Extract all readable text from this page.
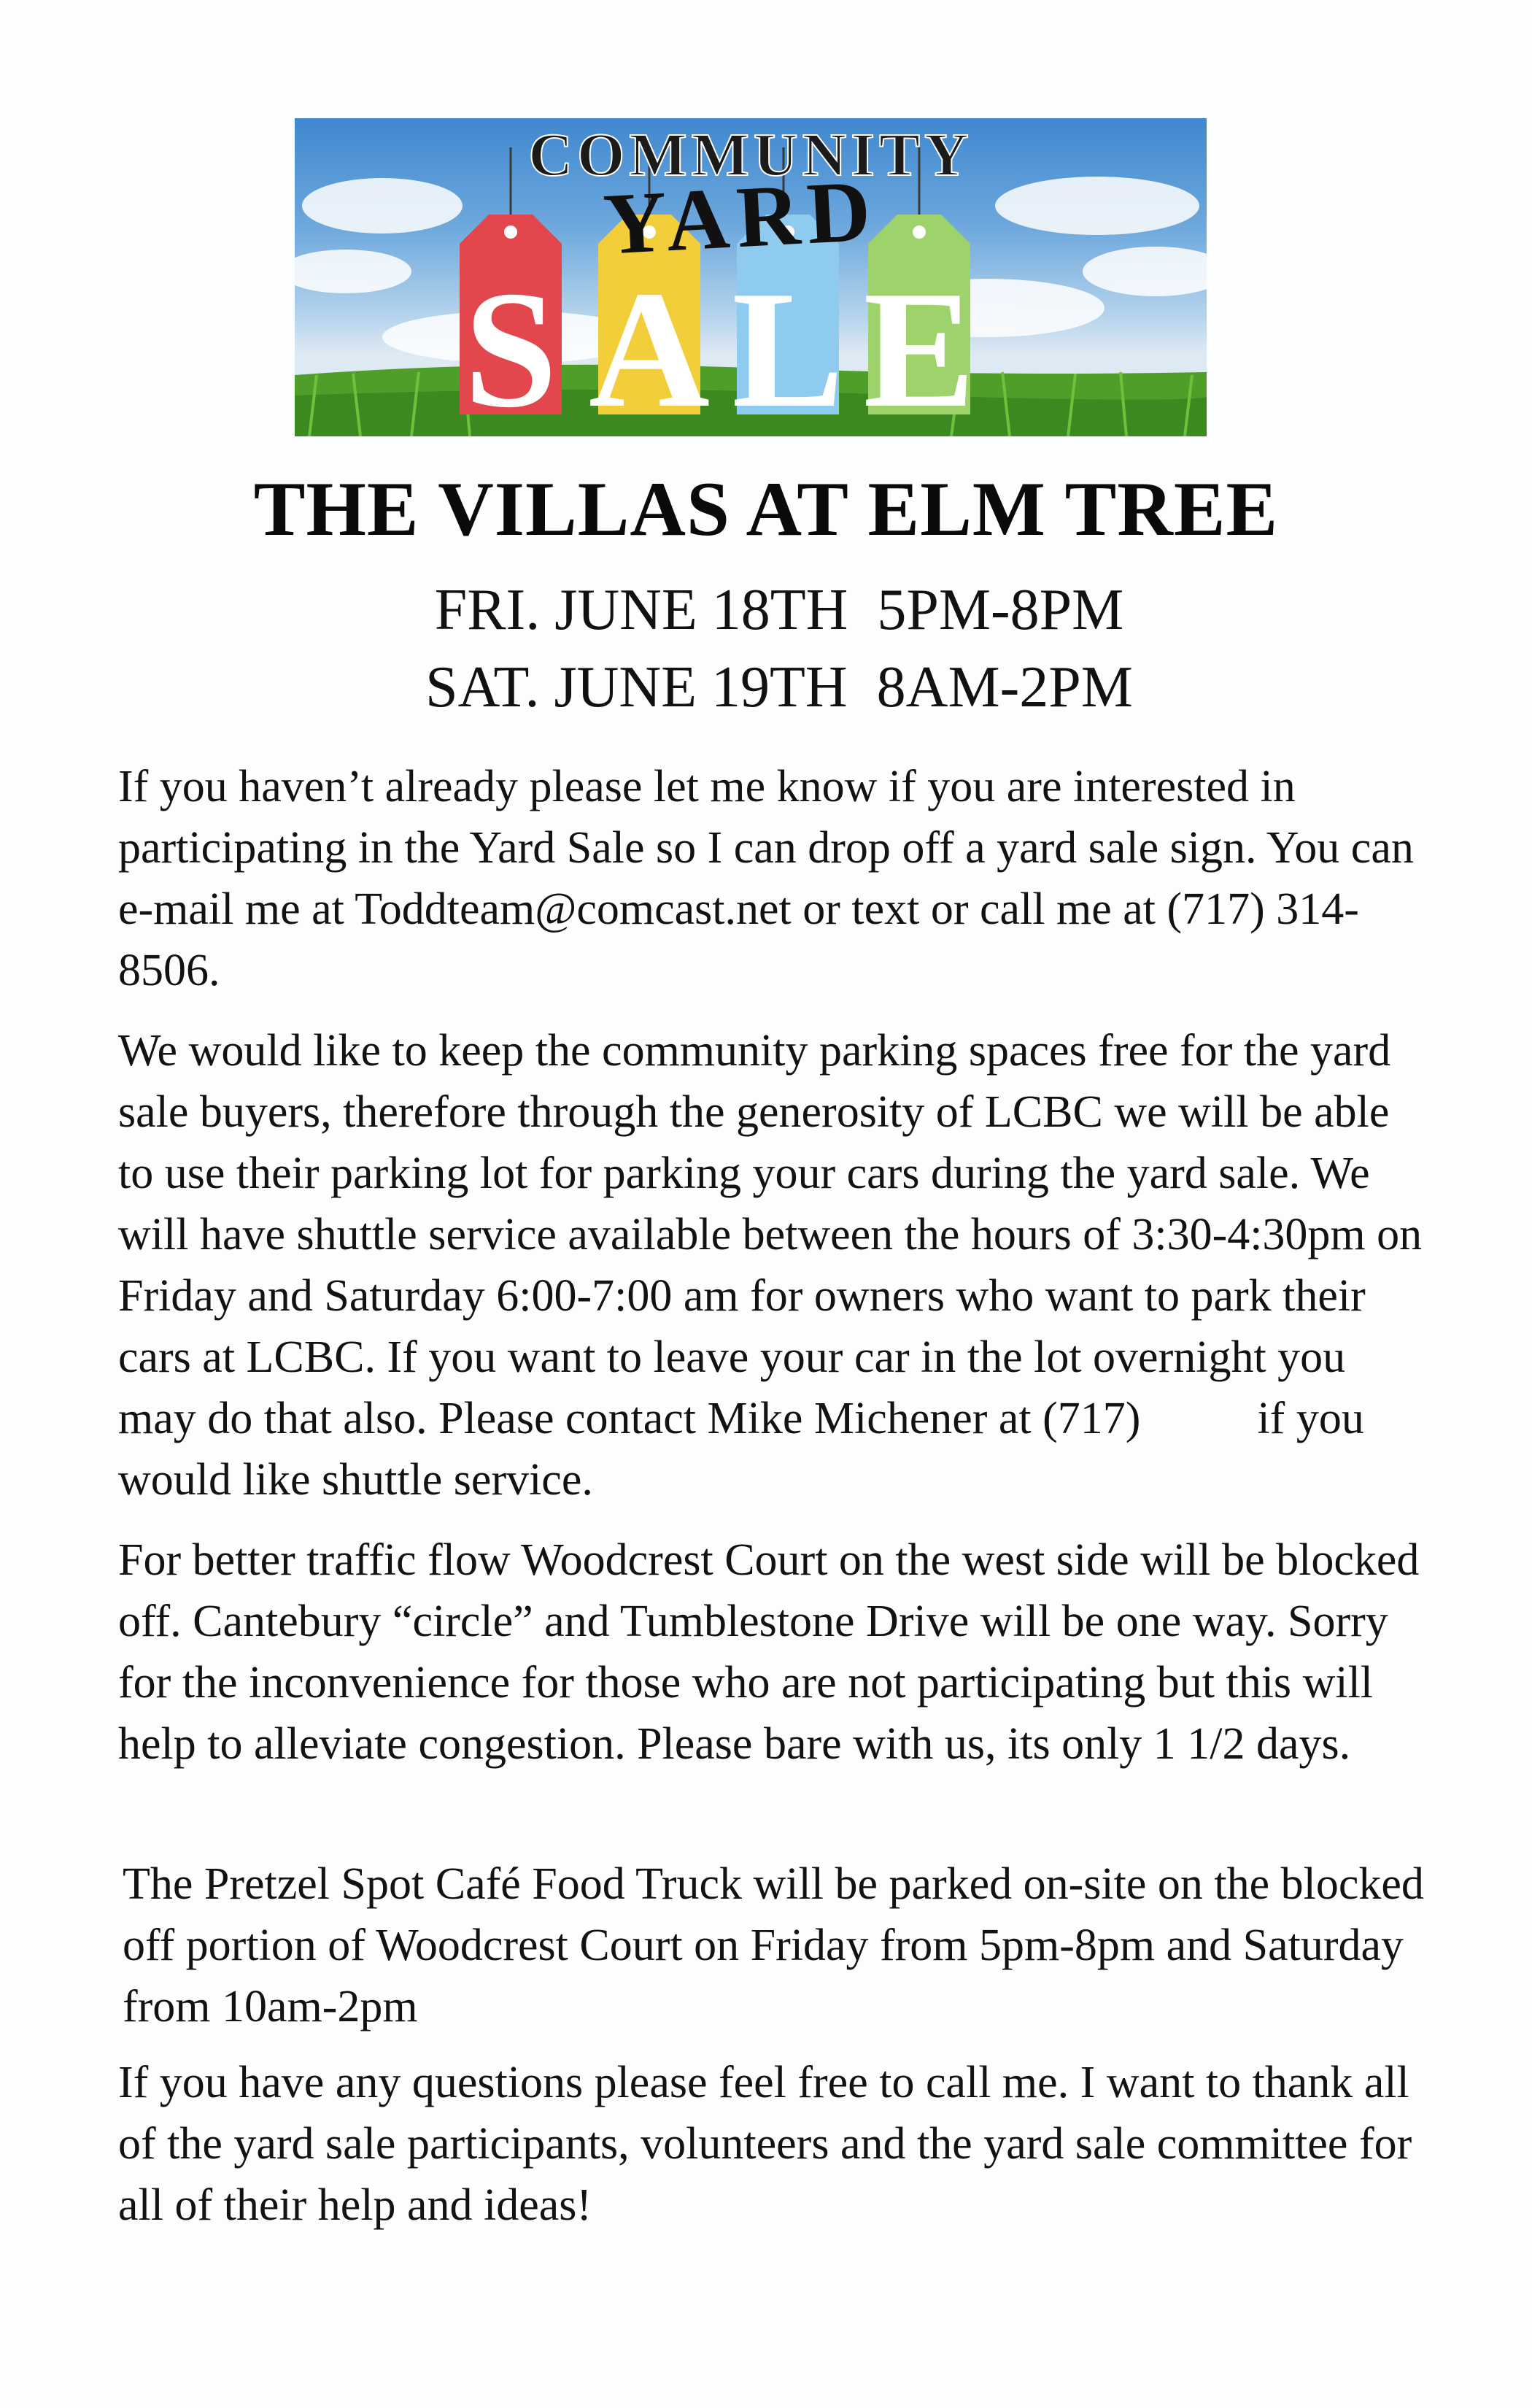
S A L E
COMMUNITY
YARD
THE VILLAS AT ELM TREE

FRI. JUNE 18TH  5PM-8PM

SAT. JUNE 19TH  8AM-2PM

If you haven’t already please let me know if you are interested in participating in the Yard Sale so I can drop off a yard sale sign. You can e-mail me at Toddteam@comcast.net or text or call me at (717) 314-8506.

We would like to keep the community parking spaces free for the yard sale buyers, therefore through the generosity of LCBC we will be able to use their parking lot for parking your cars during the yard sale. We will have shuttle service available between the hours of 3:30-4:30pm on Friday and Saturday 6:00-7:00 am for owners who want to park their cars at LCBC. If you want to leave your car in the lot overnight you may do that also. Please contact Mike Michener at (717)	if you would like shuttle service.

For better traffic flow Woodcrest Court on the west side will be blocked off. Cantebury “circle” and Tumblestone Drive will be one way. Sorry for the inconvenience for those who are not participating but this will help to alleviate congestion. Please bare with us, its only 1 1/2 days.

The Pretzel Spot Café Food Truck will be parked on-site on the blocked off portion of Woodcrest Court on Friday from 5pm-8pm and Saturday from 10am-2pm

If you have any questions please feel free to call me. I want to thank all of the yard sale participants, volunteers and the yard sale committee for all of their help and ideas!
